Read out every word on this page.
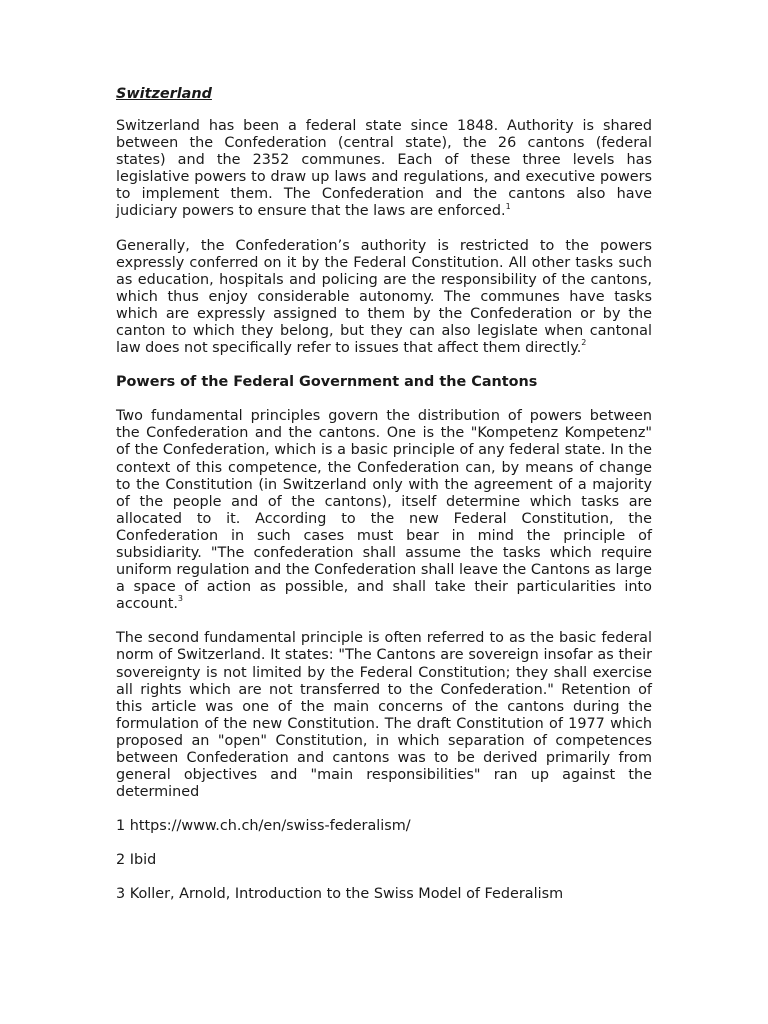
Switzerland

Switzerland has been a federal state since 1848. Authority is shared between the Confederation (central state), the 26 cantons (federal states) and the 2352 communes. Each of these three levels has legislative powers to draw up laws and regulations, and executive powers to implement them. The Confederation and the cantons also have judiciary powers to ensure that the laws are enforced.$^1$

Generally, the Confederation’s authority is restricted to the powers expressly conferred on it by the Federal Constitution. All other tasks such as education, hospitals and policing are the responsibility of the cantons, which thus enjoy considerable autonomy. The communes have tasks which are expressly assigned to them by the Confederation or by the canton to which they belong, but they can also legislate when cantonal law does not specifically refer to issues that affect them directly.$^2$

Powers of the Federal Government and the Cantons

Two fundamental principles govern the distribution of powers between the Confederation and the cantons. One is the "Kompetenz Kompetenz" of the Confederation, which is a basic principle of any federal state. In the context of this competence, the Confederation can, by means of change to the Constitution (in Switzerland only with the agreement of a majority of the people and of the cantons), itself determine which tasks are allocated to it. According to the new Federal Constitution, the Confederation in such cases must bear in mind the principle of subsidiarity. "The confederation shall assume the tasks which require uniform regulation and the Confederation shall leave the Cantons as large a space of action as possible, and shall take their particularities into account.$^3$

The second fundamental principle is often referred to as the basic federal norm of Switzerland. It states: "The Cantons are sovereign insofar as their sovereignty is not limited by the Federal Constitution; they shall exercise all rights which are not transferred to the Confederation." Retention of this article was one of the main concerns of the cantons during the formulation of the new Constitution. The draft Constitution of 1977 which proposed an "open" Constitution, in which separation of competences between Confederation and cantons was to be derived primarily from general objectives and "main responsibilities" ran up against the determined

1 https://www.ch.ch/en/swiss-federalism/
2 Ibid
3 Koller, Arnold, Introduction to the Swiss Model of Federalism
